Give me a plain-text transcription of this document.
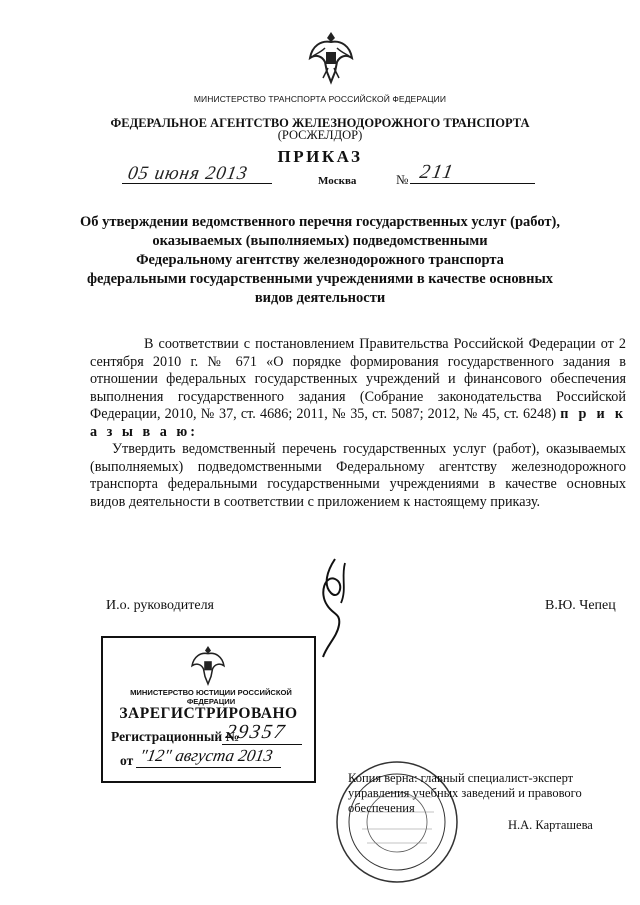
МИНИСТЕРСТВО ТРАНСПОРТА РОССИЙСКОЙ ФЕДЕРАЦИИ
ФЕДЕРАЛЬНОЕ АГЕНТСТВО ЖЕЛЕЗНОДОРОЖНОГО ТРАНСПОРТА
(РОСЖЕЛДОР)
ПРИКАЗ
05 июня 2013	Москва	№ 211
Об утверждении ведомственного перечня государственных услуг (работ),
оказываемых (выполняемых) подведомственными
Федеральному агентству железнодорожного транспорта
федеральными государственными учреждениями в качестве основных
видов деятельности
В соответствии с постановлением Правительства Российской Федерации от 2 сентября 2010 г. № 671 «О порядке формирования государственного задания в отношении федеральных государственных учреждений и финансового обеспечения выполнения государственного задания (Собрание законодательства Российской Федерации, 2010, № 37, ст. 4686; 2011, № 35, ст. 5087; 2012, № 45, ст. 6248) п р и к а з ы в а ю:
Утвердить ведомственный перечень государственных услуг (работ), оказываемых (выполняемых) подведомственными Федеральному агентству железнодорожного транспорта федеральными государственными учреждениями в качестве основных видов деятельности в соответствии с приложением к настоящему приказу.
И.о. руководителя	В.Ю. Чепец
МИНИСТЕРСТВО ЮСТИЦИИ РОССИЙСКОЙ ФЕДЕРАЦИИ
ЗАРЕГИСТРИРОВАНО
Регистрационный №
29357
от "12" августа 2013
Копия верна: главный специалист-эксперт
управления учебных заведений и правового
обеспечения
Н.А. Карташева
